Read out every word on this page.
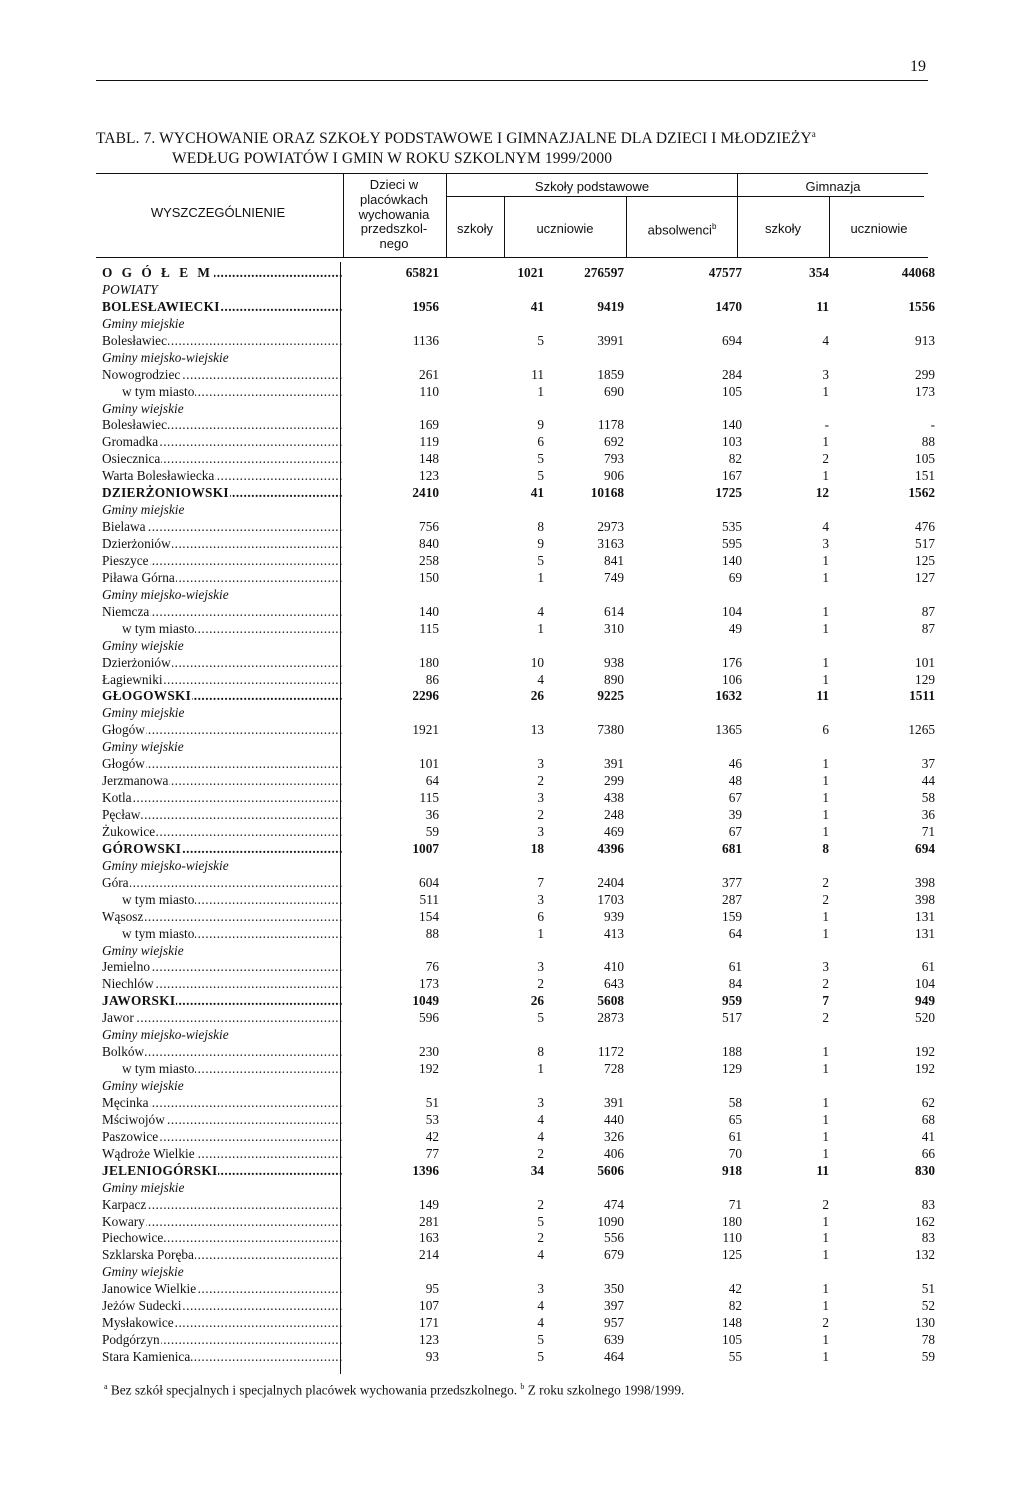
19
TABL. 7. WYCHOWANIE ORAZ SZKOŁY PODSTAWOWE I GIMNAZJALNE DLA DZIECI I MŁODZIEŻY$^a$
WEDŁUG POWIATÓW I GMIN W ROKU SZKOLNYM 1999/2000
WYSZCZEGÓLNIENIE
Dzieci w
placówkach
wychowania
przedszkol-
nego
Szkoły podstawowe	Gimnazja
szkoły	uczniowie	absolwenci$^b$	szkoły	uczniowie
O G Ó Ł E M .....	65821	1021	276597	47577	354	44068
POWIATY
BOLESŁAWIECKI .....	1956	41	9419	1470	11	1556
Gminy miejskie
Bolesławiec .....	1136	5	3991	694	4	913
Gminy miejsko-wiejskie
Nowogrodziec .....	261	11	1859	284	3	299
w tym miasto .....	110	1	690	105	1	173
Gminy wiejskie
Bolesławiec .....	169	9	1178	140	-	-
Gromadka .....	119	6	692	103	1	88
Osiecznica .....	148	5	793	82	2	105
Warta Bolesławiecka .....	123	5	906	167	1	151
DZIERŻONIOWSKI .....	2410	41	10168	1725	12	1562
Gminy miejskie
Bielawa .....	756	8	2973	535	4	476
Dzierżoniów .....	840	9	3163	595	3	517
Pieszyce .....	258	5	841	140	1	125
Piława Górna .....	150	1	749	69	1	127
Gminy miejsko-wiejskie
Niemcza .....	140	4	614	104	1	87
w tym miasto .....	115	1	310	49	1	87
Gminy wiejskie
Dzierżoniów .....	180	10	938	176	1	101
Łagiewniki .....	86	4	890	106	1	129
GŁOGOWSKI .....	2296	26	9225	1632	11	1511
Gminy miejskie
Głogów .....	1921	13	7380	1365	6	1265
Gminy wiejskie
Głogów .....	101	3	391	46	1	37
Jerzmanowa .....	64	2	299	48	1	44
Kotla .....	115	3	438	67	1	58
Pęcław .....	36	2	248	39	1	36
Żukowice .....	59	3	469	67	1	71
GÓROWSKI .....	1007	18	4396	681	8	694
Gminy miejsko-wiejskie
Góra .....	604	7	2404	377	2	398
w tym miasto .....	511	3	1703	287	2	398
Wąsosz .....	154	6	939	159	1	131
w tym miasto .....	88	1	413	64	1	131
Gminy wiejskie
Jemielno .....	76	3	410	61	3	61
Niechlów .....	173	2	643	84	2	104
JAWORSKI .....	1049	26	5608	959	7	949
Jawor .....	596	5	2873	517	2	520
Gminy miejsko-wiejskie
Bolków .....	230	8	1172	188	1	192
w tym miasto .....	192	1	728	129	1	192
Gminy wiejskie
Męcinka .....	51	3	391	58	1	62
Mściwojów .....	53	4	440	65	1	68
Paszowice .....	42	4	326	61	1	41
Wądroże Wielkie .....	77	2	406	70	1	66
JELENIOGÓRSKI .....	1396	34	5606	918	11	830
Gminy miejskie
Karpacz .....	149	2	474	71	2	83
Kowary .....	281	5	1090	180	1	162
Piechowice .....	163	2	556	110	1	83
Szklarska Poręba .....	214	4	679	125	1	132
Gminy wiejskie
Janowice Wielkie .....	95	3	350	42	1	51
Jeżów Sudecki .....	107	4	397	82	1	52
Mysłakowice .....	171	4	957	148	2	130
Podgórzyn .....	123	5	639	105	1	78
Stara Kamienica .....	93	5	464	55	1	59
$^a$ Bez szkół specjalnych i specjalnych placówek wychowania przedszkolnego. $^b$ Z roku szkolnego 1998/1999.
